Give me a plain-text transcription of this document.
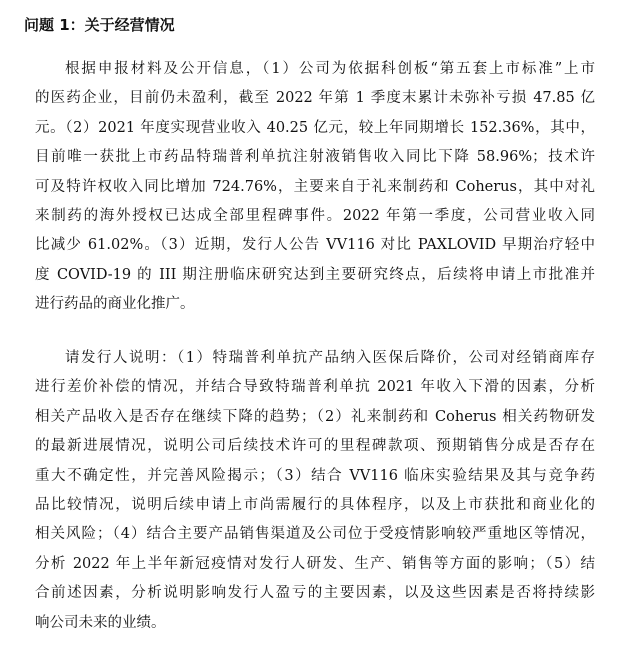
问题 1：关于经营情况
根据申报材料及公开信息，（1）公司为依据科创板“第五套上市标准”上市
的医药企业，目前仍未盈利，截至 2022 年第 1 季度末累计未弥补亏损 47.85 亿
元。（2）2021 年度实现营业收入 40.25 亿元，较上年同期增长 152.36%，其中，
目前唯一获批上市药品特瑞普利单抗注射液销售收入同比下降 58.96%；技术许
可及特许权收入同比增加 724.76%，主要来自于礼来制药和 Coherus，其中对礼
来制药的海外授权已达成全部里程碑事件。2022 年第一季度，公司营业收入同
比减少 61.02%。（3）近期，发行人公告 VV116 对比 PAXLOVID 早期治疗轻中
度 COVID-19 的 III 期注册临床研究达到主要研究终点，后续将申请上市批准并
进行药品的商业化推广。
请发行人说明：（1）特瑞普利单抗产品纳入医保后降价，公司对经销商库存
进行差价补偿的情况，并结合导致特瑞普利单抗 2021 年收入下滑的因素，分析
相关产品收入是否存在继续下降的趋势；（2）礼来制药和 Coherus 相关药物研发
的最新进展情况，说明公司后续技术许可的里程碑款项、预期销售分成是否存在
重大不确定性，并完善风险揭示；（3）结合 VV116 临床实验结果及其与竞争药
品比较情况，说明后续申请上市尚需履行的具体程序，以及上市获批和商业化的
相关风险；（4）结合主要产品销售渠道及公司位于受疫情影响较严重地区等情况，
分析 2022 年上半年新冠疫情对发行人研发、生产、销售等方面的影响；（5）结
合前述因素，分析说明影响发行人盈亏的主要因素，以及这些因素是否将持续影
响公司未来的业绩。
